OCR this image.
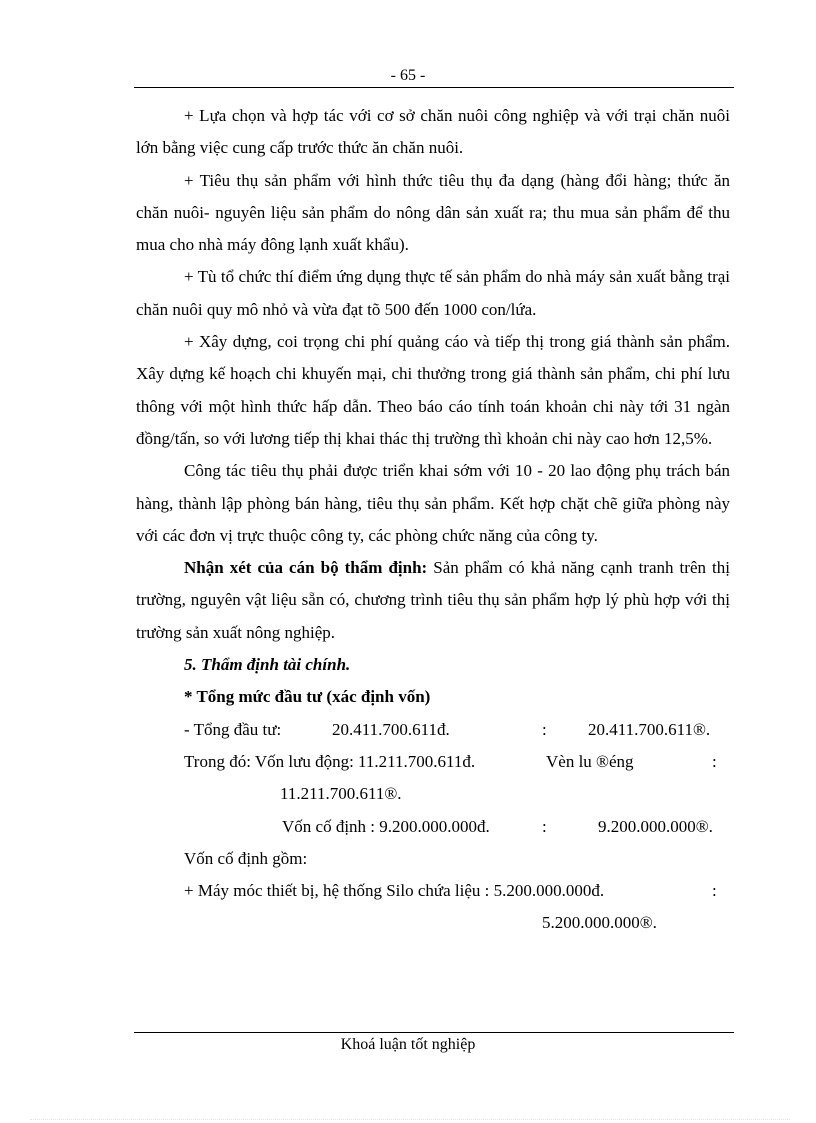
- 65 -

+ Lựa chọn và hợp tác với cơ sở chăn nuôi công nghiệp và với trại chăn nuôi lớn bằng việc cung cấp trước thức ăn chăn nuôi.

+ Tiêu thụ sản phẩm với hình thức tiêu thụ đa dạng (hàng đổi hàng; thức ăn chăn nuôi- nguyên liệu sản phẩm do nông dân sản xuất ra; thu mua sản phẩm để thu mua cho nhà máy đông lạnh xuất khẩu).

+ Tù tổ chức thí điểm ứng dụng thực tế sản phẩm do nhà máy sản xuất bằng trại chăn nuôi quy mô nhỏ và vừa đạt tõ 500 đến 1000 con/lứa.

+ Xây dựng, coi trọng chi phí quảng cáo và tiếp thị trong giá thành sản phẩm. Xây dựng kế hoạch chi khuyến mại, chi thưởng trong giá thành sản phẩm, chi phí lưu thông với một hình thức hấp dẫn. Theo báo cáo tính toán khoản chi này tới 31 ngàn đồng/tấn, so với lương tiếp thị khai thác thị trường thì khoản chi này cao hơn 12,5%.

Công tác tiêu thụ phải được triển khai sớm với 10 - 20 lao động phụ trách bán hàng, thành lập phòng bán hàng, tiêu thụ sản phẩm. Kết hợp chặt chẽ giữa phòng này với các đơn vị trực thuộc công ty, các phòng chức năng của công ty.

Nhận xét của cán bộ thẩm định: Sản phẩm có khả năng cạnh tranh trên thị trường, nguyên vật liệu sẵn có, chương trình tiêu thụ sản phẩm hợp lý phù hợp với thị trường sản xuất nông nghiệp.

5. Thẩm định tài chính.

* Tổng mức đầu tư (xác định vốn)

- Tổng đầu tư:	20.411.700.611đ.	: 20.411.700.611®.

Trong đó: Vốn lưu động: 11.211.700.611đ.	Vèn lu ®éng	:

11.211.700.611®.

Vốn cố định : 9.200.000.000đ.	:	9.200.000.000®.

Vốn cố định gồm:

+ Máy móc thiết bị, hệ thống Silo chứa liệu : 5.200.000.000đ.	:

5.200.000.000®.

Khoá luận tốt nghiệp
